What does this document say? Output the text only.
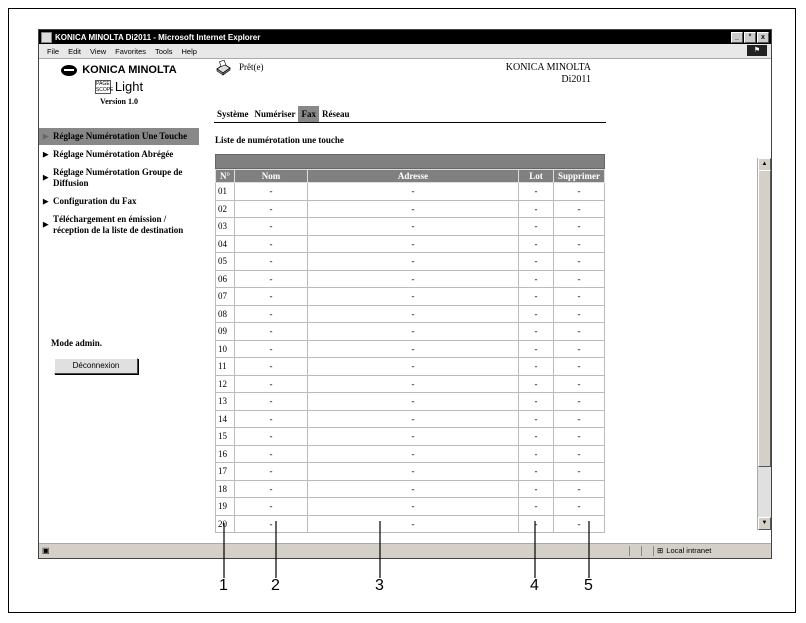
KONICA MINOLTA Di2011 - Microsoft Internet Explorer	_	°	x
File Edit View Favorites Tools Help	⚑
KONICA MINOLTA
PAGE SCOPE Light
Version 1.0
▶ Réglage Numérotation Une Touche
▶ Réglage Numérotation Abrégée
▶
Réglage Numérotation Groupe de Diffusion
▶ Configuration du Fax
▶
Téléchargement en émission / réception de la liste de destination
Mode admin.
Déconnexion
Prêt(e)	KONICA MINOLTA
Di2011
Système Numériser Fax Réseau
Liste de numérotation une touche
N°	Nom	Adresse	Lot	Supprimer
01	-	-	-	-
02	-	-	-	-
03	-	-	-	-
04	-	-	-	-
05	-	-	-	-
06	-	-	-	-
07	-	-	-	-
08	-	-	-	-
09	-	-	-	-
10	-	-	-	-
11	-	-	-	-
12	-	-	-	-
13	-	-	-	-
14	-	-	-	-
15	-	-	-	-
16	-	-	-	-
17	-	-	-	-
18	-	-	-	-
19	-	-	-	-
20	-	-	-	-
▲
▼
▣	⊞ Local intranet
1	2	3	4	5
